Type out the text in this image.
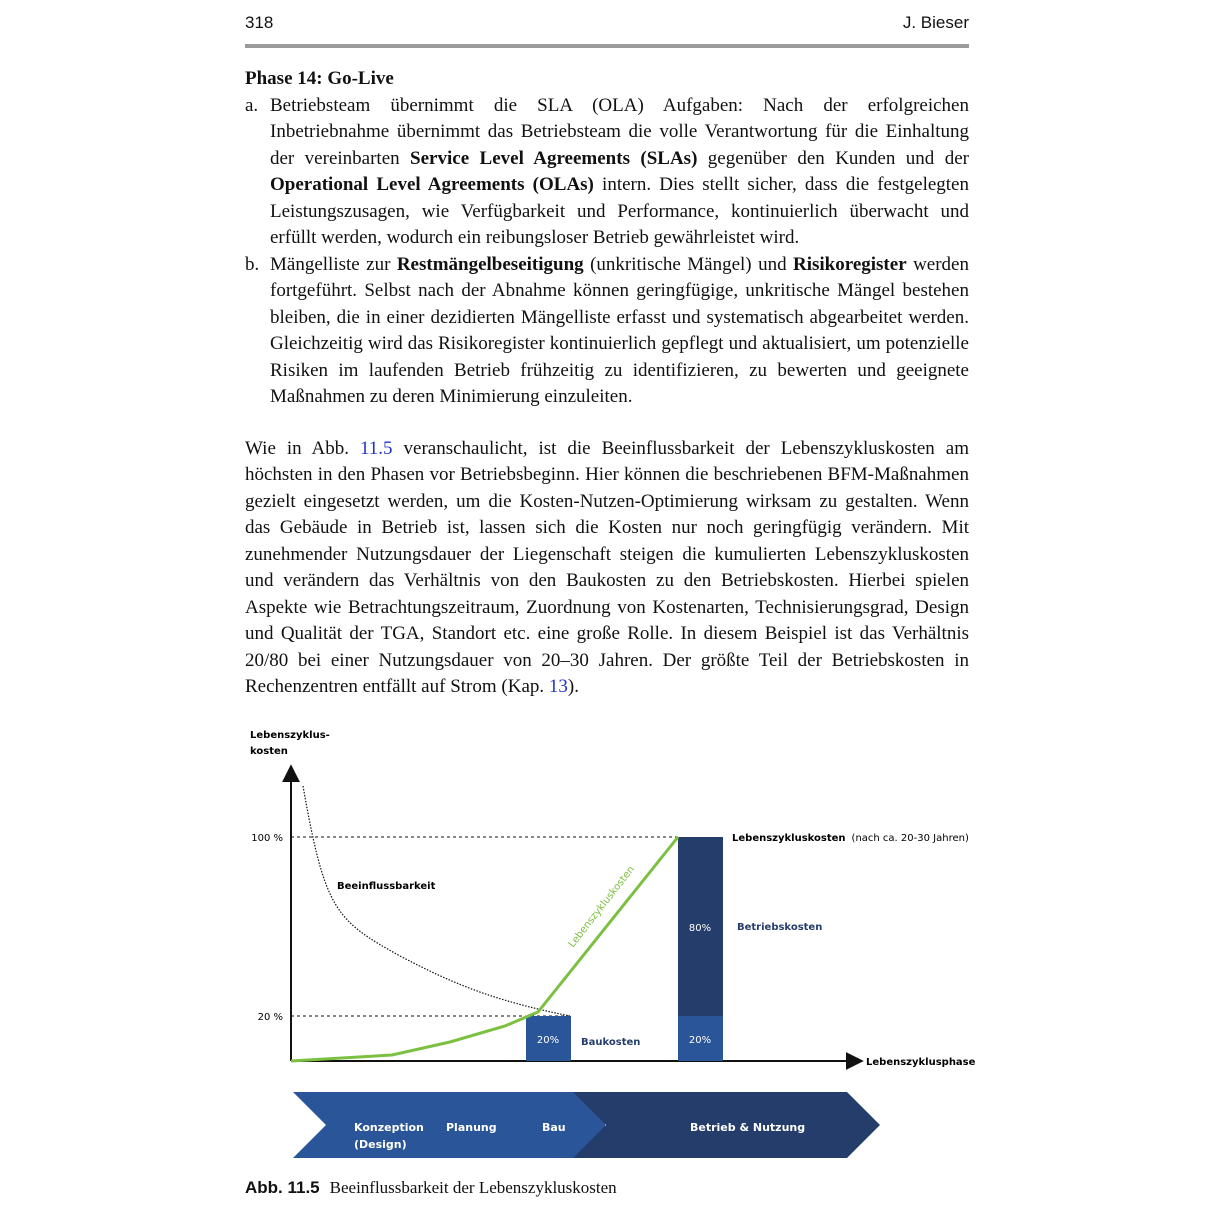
318	J. Bieser

Phase 14: Go-Live

a. Betriebsteam übernimmt die SLA (OLA) Aufgaben: Nach der erfolgreichen Inbetriebnahme übernimmt das Betriebsteam die volle Verantwortung für die Einhaltung der vereinbarten Service Level Agreements (SLAs) gegenüber den Kunden und der Operational Level Agreements (OLAs) intern. Dies stellt sicher, dass die festgelegten Leistungszusagen, wie Verfügbarkeit und Performance, kontinuierlich überwacht und erfüllt werden, wodurch ein reibungsloser Betrieb gewährleistet wird.

b. Mängelliste zur Restmängelbeseitigung (unkritische Mängel) und Risikoregister werden fortgeführt. Selbst nach der Abnahme können geringfügige, unkritische Mängel bestehen bleiben, die in einer dezidierten Mängelliste erfasst und systematisch abgearbeitet werden. Gleichzeitig wird das Risikoregister kontinuierlich gepflegt und aktualisiert, um potenzielle Risiken im laufenden Betrieb frühzeitig zu identifizieren, zu bewerten und geeignete Maßnahmen zu deren Minimierung einzuleiten.

Wie in Abb. 11.5 veranschaulicht, ist die Beeinflussbarkeit der Lebenszykluskosten am höchsten in den Phasen vor Betriebsbeginn. Hier können die beschriebenen BFM-Maßnahmen gezielt eingesetzt werden, um die Kosten-Nutzen-Optimierung wirksam zu gestalten. Wenn das Gebäude in Betrieb ist, lassen sich die Kosten nur noch geringfügig verändern. Mit zunehmender Nutzungsdauer der Liegenschaft steigen die kumulierten Lebenszykluskosten und verändern das Verhältnis von den Baukosten zu den Betriebskosten. Hierbei spielen Aspekte wie Betrachtungszeitraum, Zuordnung von Kostenarten, Technisierungsgrad, Design und Qualität der TGA, Standort etc. eine große Rolle. In diesem Beispiel ist das Verhältnis 20/80 bei einer Nutzungsdauer von 20–30 Jahren. Der größte Teil der Betriebskosten in Rechenzentren entfällt auf Strom (Kap. 13).

Lebenszyklus-
kosten
Lebenszyklusphase
100 %
20 %
20% Baukosten
80%
20%
Betriebskosten
Lebenszykluskosten (nach ca. 20-30 Jahren)
Beeinflussbarkeit	Lebenszykluskosten
Konzeption
(Design)
Planung	Bau	Betrieb & Nutzung
Abb. 11.5 Beeinflussbarkeit der Lebenszykluskosten
